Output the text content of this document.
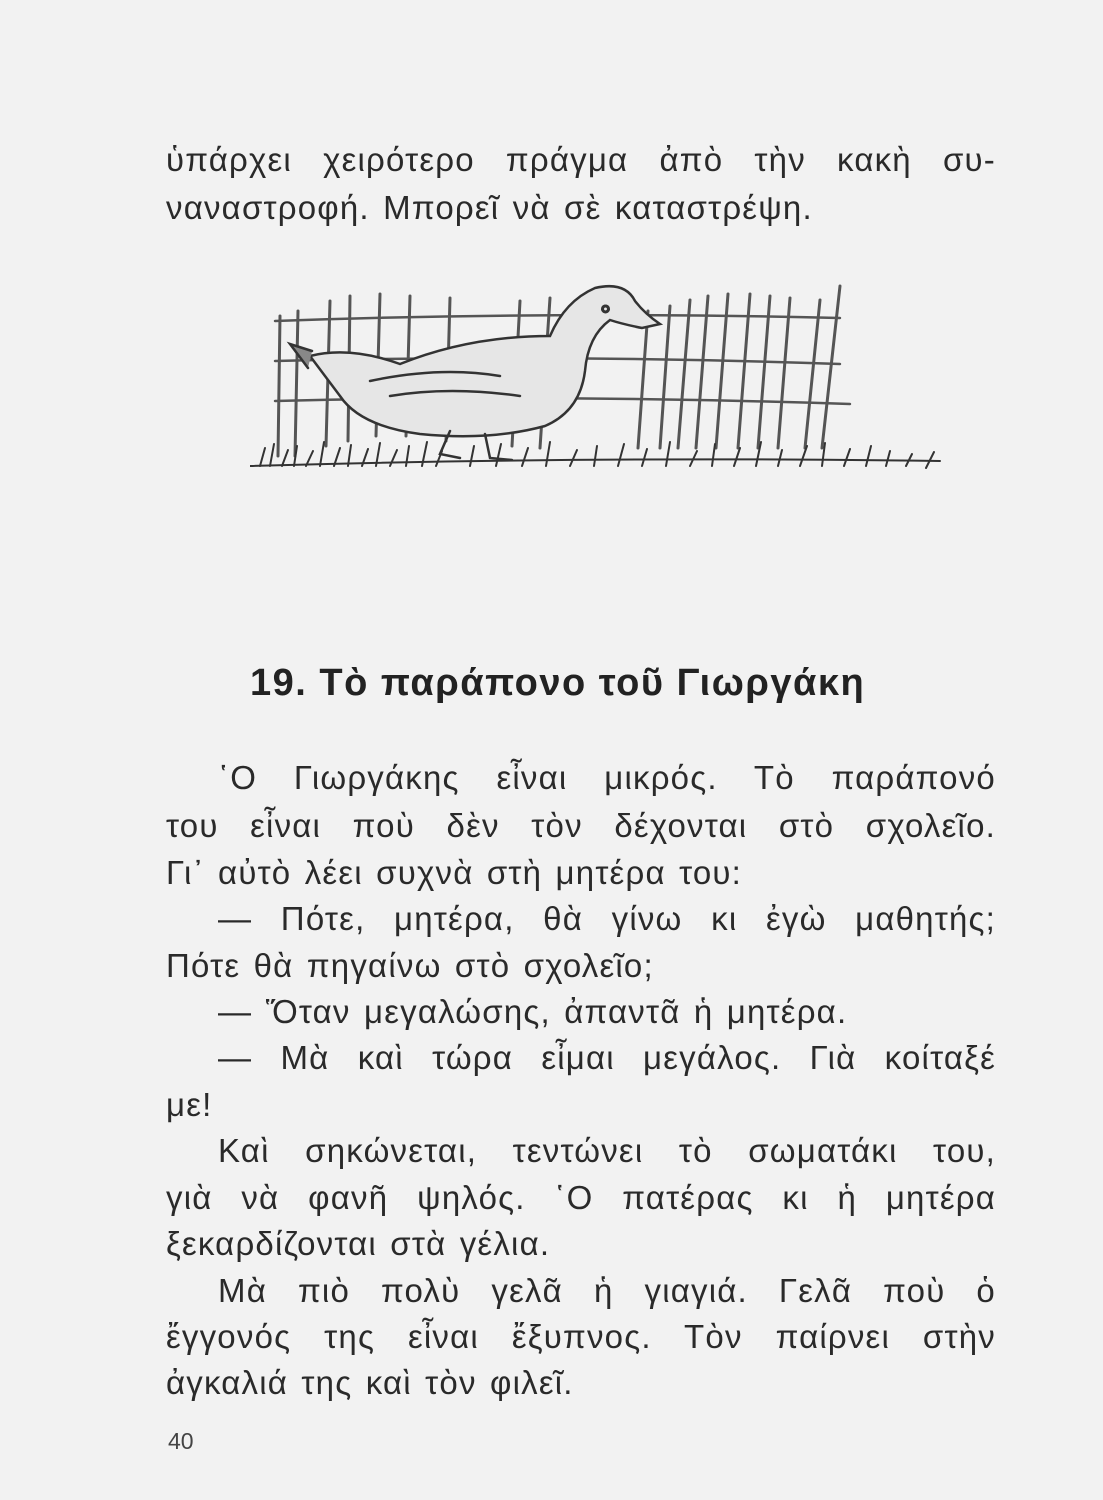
ὑπάρχει χειρότερο πράγμα ἀπὸ τὴν κακὴ συ-
ναναστροφή. Μπορεῖ νὰ σὲ καταστρέψη.
19. Τὸ παράπονο τοῦ Γιωργάκη
῾Ο Γιωργάκης εἶναι μικρός. Τὸ παράπονό
του εἶναι ποὺ δὲν τὸν δέχονται στὸ σχολεῖο.
Γι᾿ αὐτὸ λέει συχνὰ στὴ μητέρα του:
— Πότε, μητέρα, θὰ γίνω κι ἐγὼ μαθητής;
Πότε θὰ πηγαίνω στὸ σχολεῖο;
— Ὅταν μεγαλώσης, ἀπαντᾶ ἡ μητέρα.
— Μὰ καὶ τώρα εἶμαι μεγάλος. Γιὰ κοίταξέ
με!
Καὶ σηκώνεται, τεντώνει τὸ σωματάκι του,
γιὰ νὰ φανῆ ψηλός. ῾Ο πατέρας κι ἡ μητέρα
ξεκαρδίζονται στὰ γέλια.
Μὰ πιὸ πολὺ γελᾶ ἡ γιαγιά. Γελᾶ ποὺ ὁ
ἔγγονός της εἶναι ἔξυπνος. Τὸν παίρνει στὴν
ἀγκαλιά της καὶ τὸν φιλεῖ.
40
